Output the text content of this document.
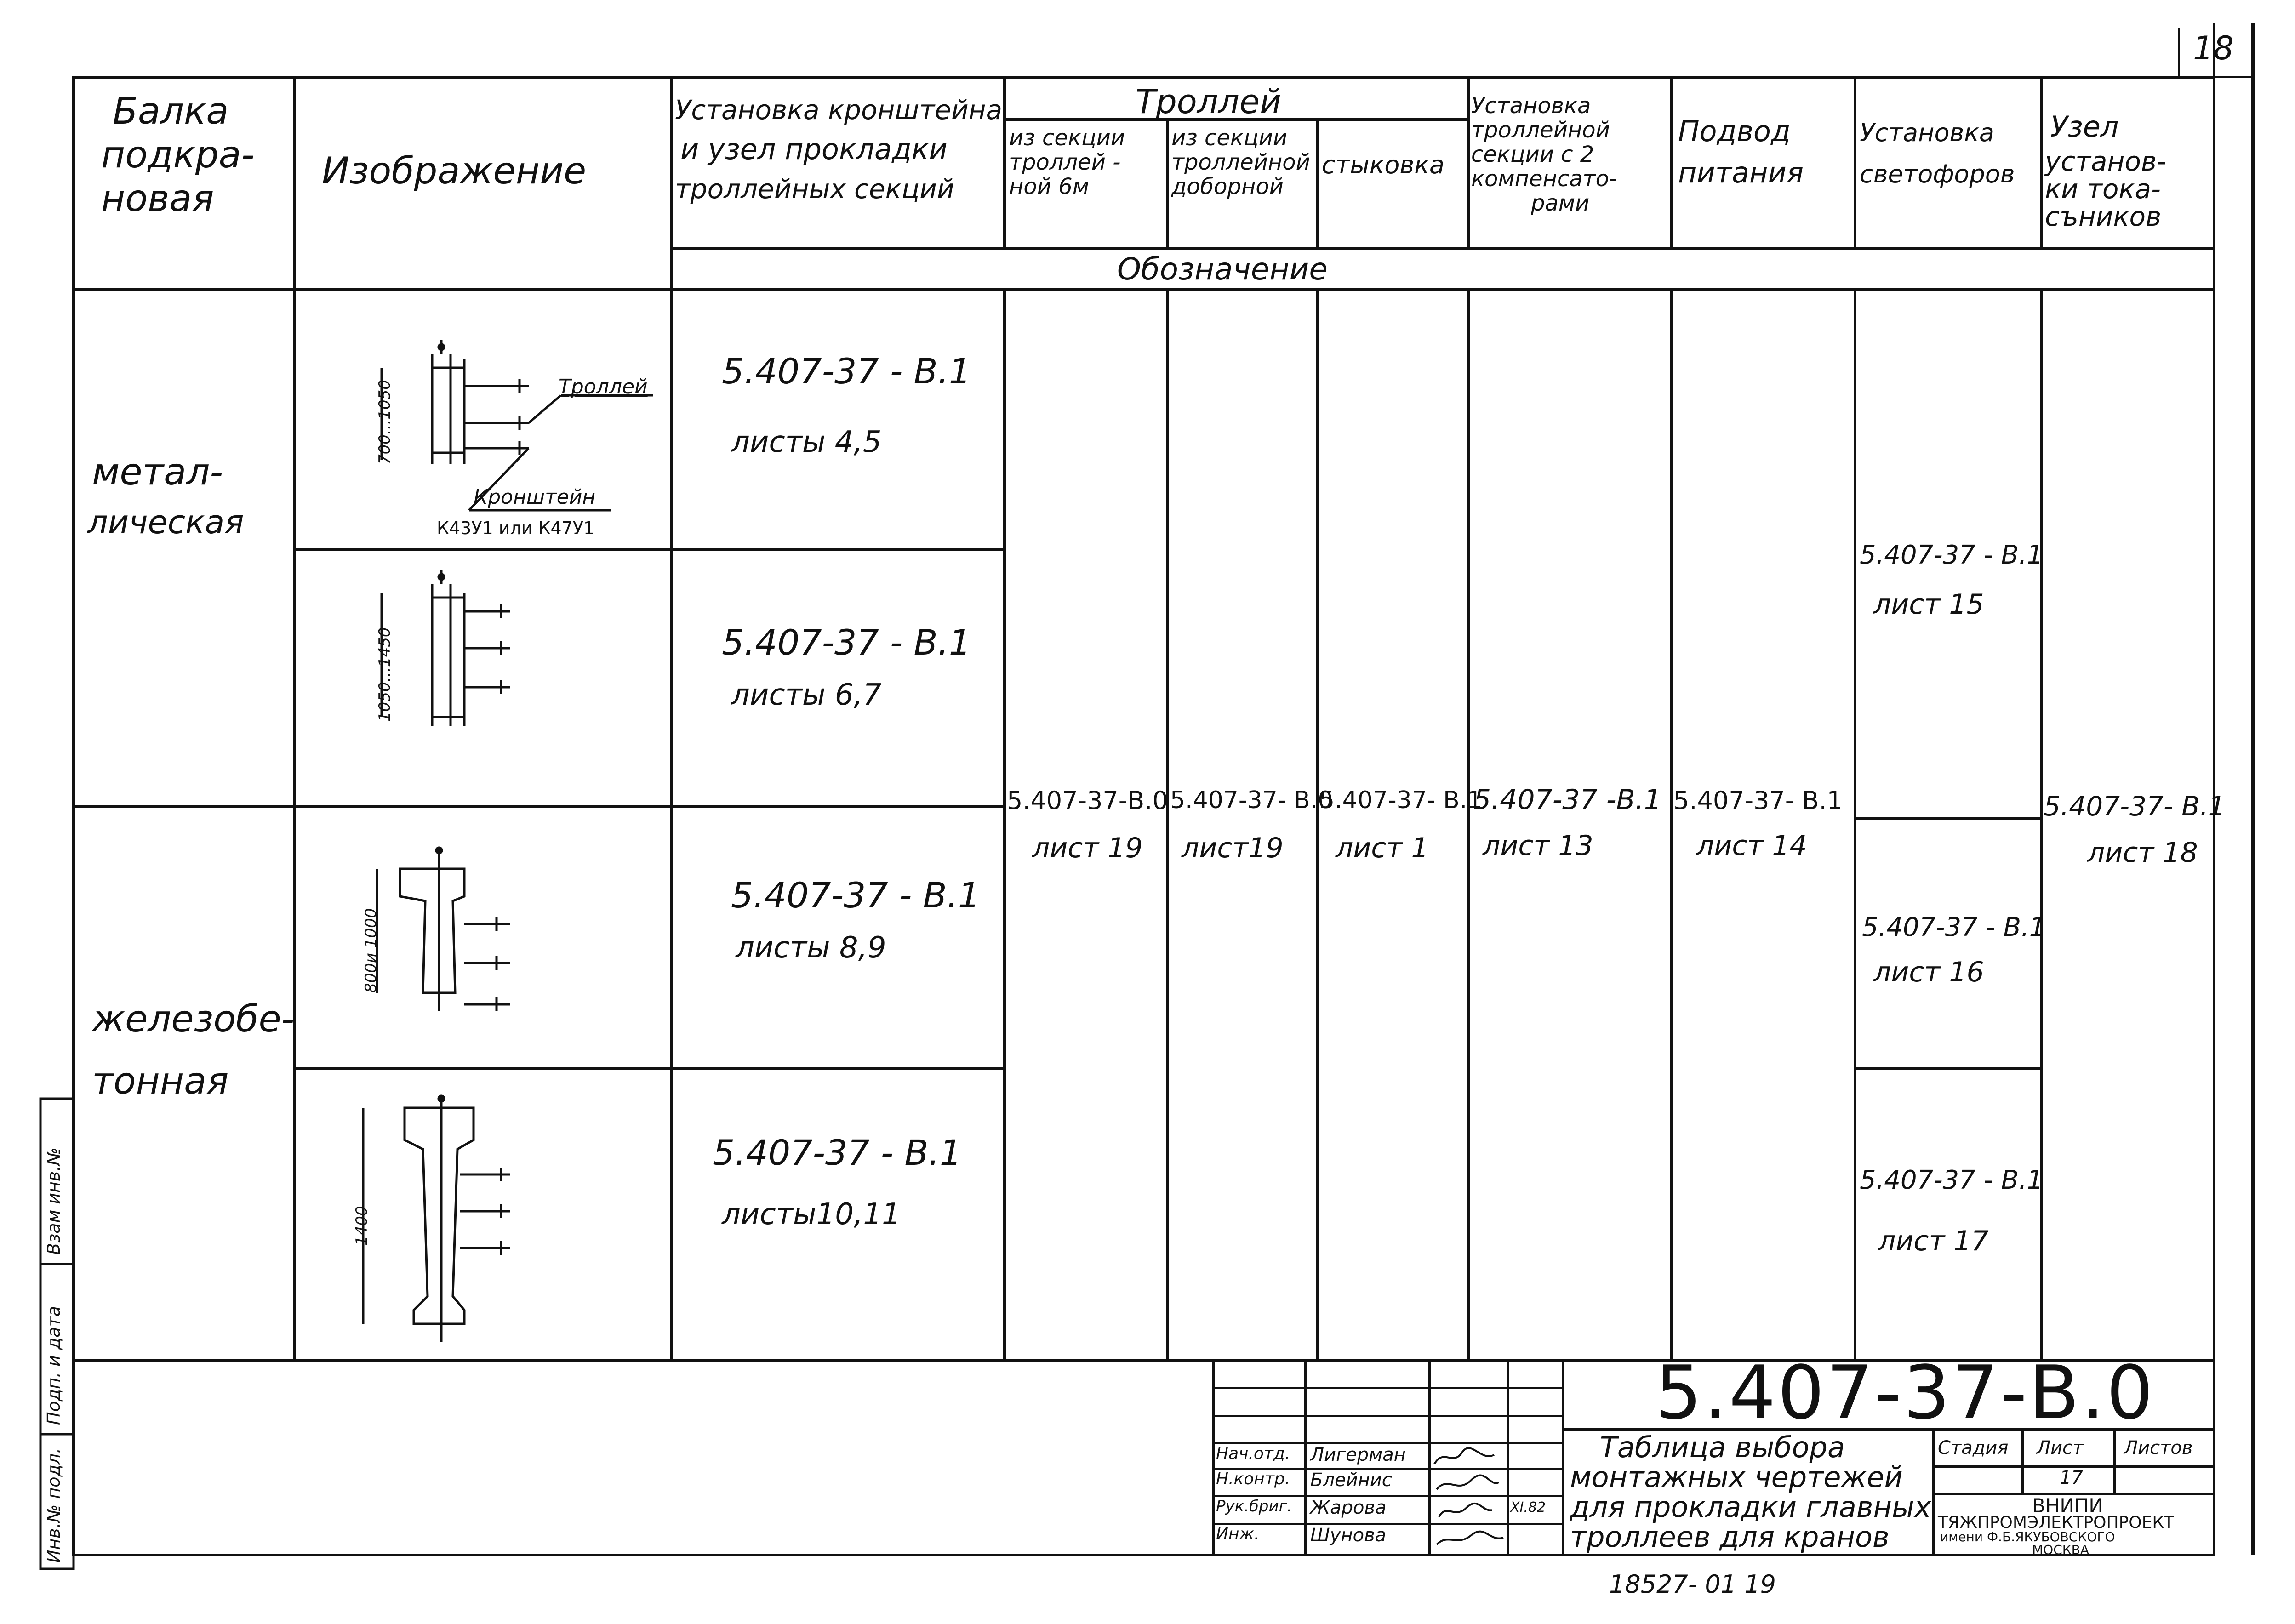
18
Балка
подкра-
новая
Изображение
Установка кронштейна
и узел прокладки
троллейных секций
Троллей
из секции
троллей -
ной 6м
из секции
троллейной
доборной
стыковка
Установка
троллейной
секции с 2
компенсато-
рами
Подвод
питания
Установка
светофоров
Узел
установ-
ки тока-
съников
Обозначение
метал-
лическая
железобе-
тонная
700...1050	Троллей
Кронштейн
К43У1 или К47У1
1050...1450
800и 1000
1400
5.407-37 - В.1
листы 4,5
5.407-37 - В.1
листы 6,7
5.407-37 - В.1
листы 8,9
5.407-37 - В.1
листы10,11
5.407-37-В.0
лист 19
5.407-37- В.0
лист19
5.407-37- В.1
лист 1
5.407-37 -В.1
лист 13
5.407-37- В.1
лист 14
5.407-37 - В.1
лист 15
5.407-37 - В.1
лист 16
5.407-37 - В.1
лист 17
5.407-37- В.1
лист 18
Взам инв.№
Подп. и дата
Инв.№ подл.
5.407-37-В.0
Таблица выбора
монтажных чертежей
для прокладки главных
троллеев для кранов
Стадия Лист Листов
17
ВНИПИ
ТЯЖПРОМЭЛЕКТРОПРОЕКТ
имени Ф.Б.ЯКУБОВСКОГО
МОСКВА
Нач.отд.
Н.контр.
Рук.бриг.
Инж.
Лигерман
Блейнис
Жарова
Шунова
XI.82
18527- 01 19
